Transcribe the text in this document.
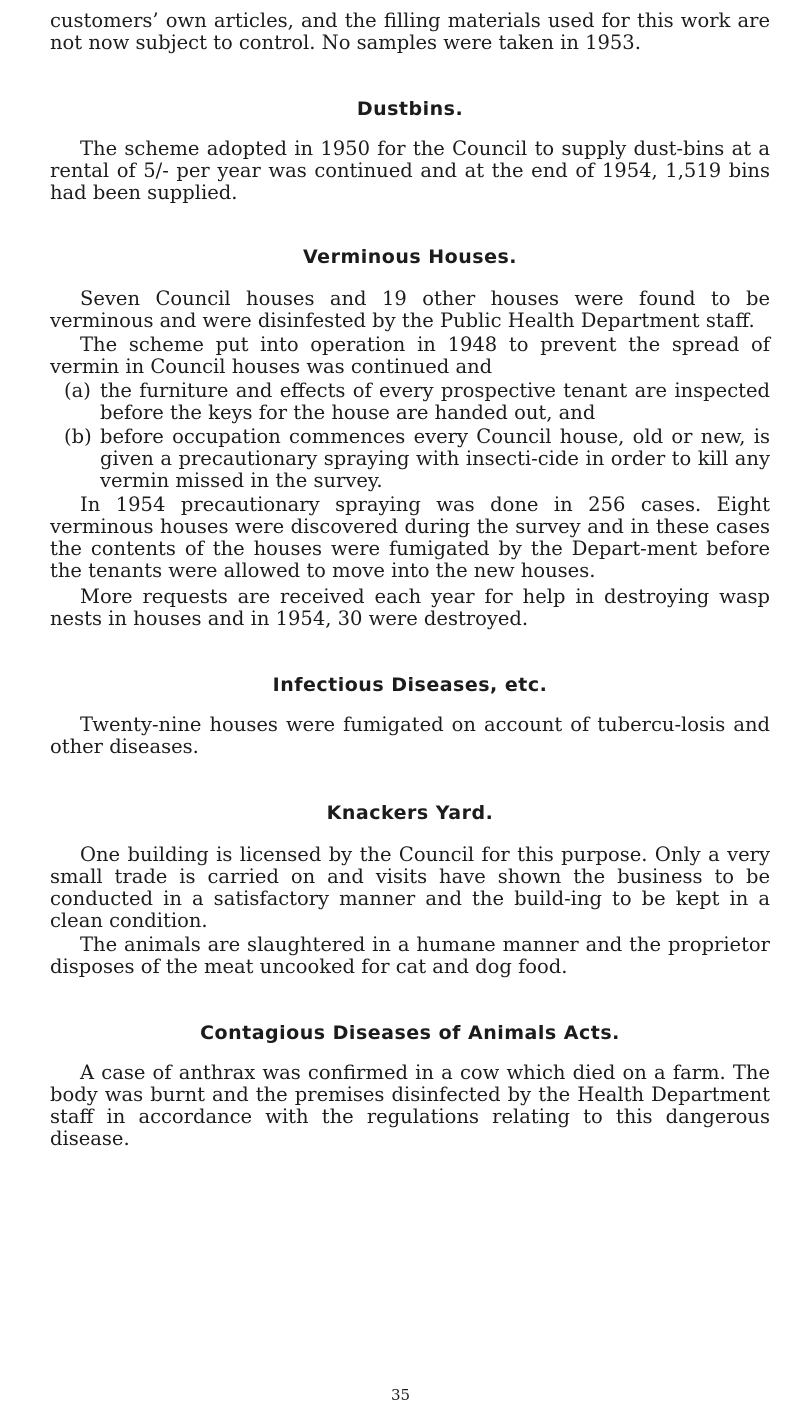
customers’ own articles, and the filling materials used for this work are not now subject to control. No samples were taken in 1953.

Dustbins.

The scheme adopted in 1950 for the Council to supply dust-bins at a rental of 5/- per year was continued and at the end of 1954, 1,519 bins had been supplied.

Verminous Houses.

Seven Council houses and 19 other houses were found to be verminous and were disinfested by the Public Health Department staff.

The scheme put into operation in 1948 to prevent the spread of vermin in Council houses was continued and

(a) the furniture and effects of every prospective tenant are inspected before the keys for the house are handed out, and
(b) before occupation commences every Council house, old or new, is given a precautionary spraying with insecti-cide in order to kill any vermin missed in the survey.

In 1954 precautionary spraying was done in 256 cases. Eight verminous houses were discovered during the survey and in these cases the contents of the houses were fumigated by the Depart-ment before the tenants were allowed to move into the new houses.

More requests are received each year for help in destroying wasp nests in houses and in 1954, 30 were destroyed.

Infectious Diseases, etc.

Twenty-nine houses were fumigated on account of tubercu-losis and other diseases.

Knackers Yard.

One building is licensed by the Council for this purpose. Only a very small trade is carried on and visits have shown the business to be conducted in a satisfactory manner and the build-ing to be kept in a clean condition.

The animals are slaughtered in a humane manner and the proprietor disposes of the meat uncooked for cat and dog food.

Contagious Diseases of Animals Acts.

A case of anthrax was confirmed in a cow which died on a farm. The body was burnt and the premises disinfected by the Health Department staff in accordance with the regulations relating to this dangerous disease.

35
